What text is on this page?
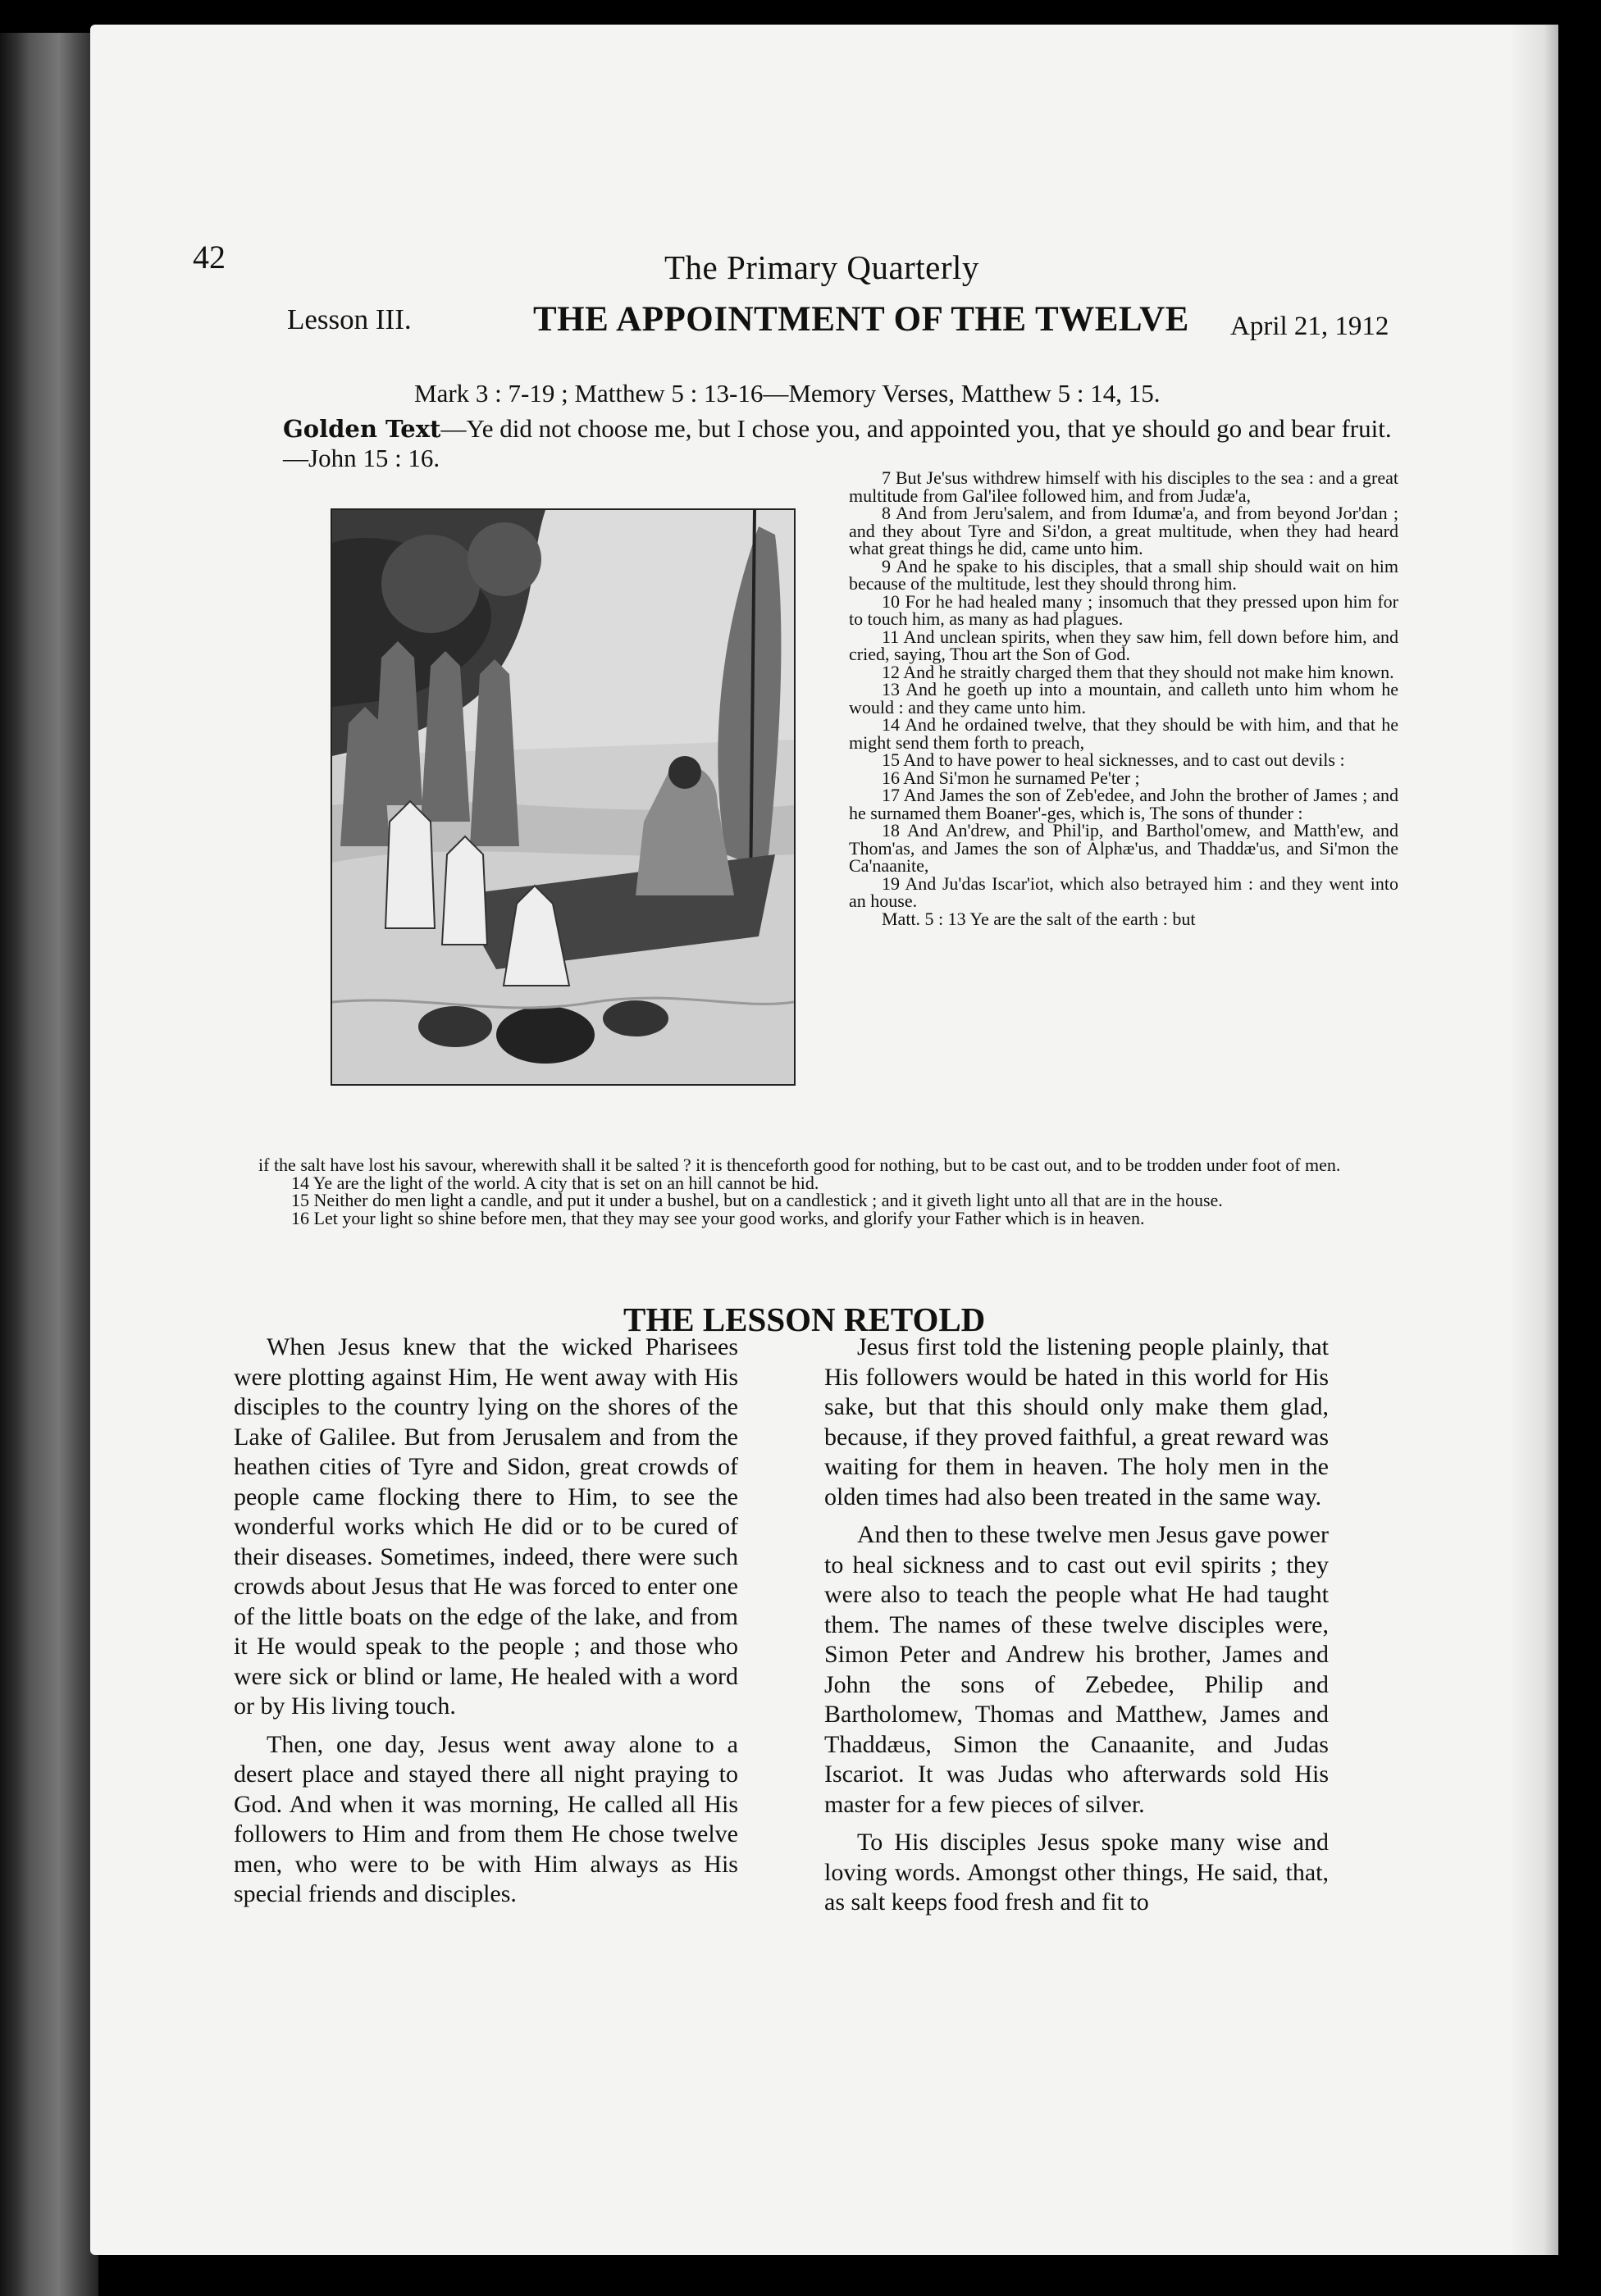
42	The Primary Quarterly
Lesson III.	THE APPOINTMENT OF THE TWELVE April 21, 1912
Mark 3 : 7-19 ; Matthew 5 : 13-16—Memory Verses, Matthew 5 : 14, 15.
Golden Text—Ye did not choose me, but I chose you, and appointed you, that ye should go and bear fruit.—John 15 : 16.

7 But Je'sus withdrew himself with his disciples to the sea : and a great multitude from Gal'ilee followed him, and from Judæ'a,

8 And from Jeru'salem, and from Idumæ'a, and from beyond Jor'dan ; and they about Tyre and Si'don, a great multitude, when they had heard what great things he did, came unto him.

9 And he spake to his disciples, that a small ship should wait on him because of the multitude, lest they should throng him.

10 For he had healed many ; insomuch that they pressed upon him for to touch him, as many as had plagues.

11 And unclean spirits, when they saw him, fell down before him, and cried, saying, Thou art the Son of God.

12 And he straitly charged them that they should not make him known.

13 And he goeth up into a mountain, and calleth unto him whom he would : and they came unto him.

14 And he ordained twelve, that they should be with him, and that he might send them forth to preach,

15 And to have power to heal sicknesses, and to cast out devils :

16 And Si'mon he surnamed Pe'ter ;

17 And James the son of Zeb'edee, and John the brother of James ; and he surnamed them Boaner'-ges, which is, The sons of thunder :

18 And An'drew, and Phil'ip, and Barthol'omew, and Matth'ew, and Thom'as, and James the son of Alphæ'us, and Thaddæ'us, and Si'mon the Ca'naanite,

19 And Ju'das Iscar'iot, which also betrayed him : and they went into an house.

Matt. 5 : 13 Ye are the salt of the earth : but

if the salt have lost his savour, wherewith shall it be salted ? it is thenceforth good for nothing, but to be cast out, and to be trodden under foot of men.

14 Ye are the light of the world. A city that is set on an hill cannot be hid.

15 Neither do men light a candle, and put it under a bushel, but on a candlestick ; and it giveth light unto all that are in the house.

16 Let your light so shine before men, that they may see your good works, and glorify your Father which is in heaven.

THE LESSON RETOLD

When Jesus knew that the wicked Pharisees were plotting against Him, He went away with His disciples to the country lying on the shores of the Lake of Galilee. But from Jerusalem and from the heathen cities of Tyre and Sidon, great crowds of people came flocking there to Him, to see the wonderful works which He did or to be cured of their diseases. Sometimes, indeed, there were such crowds about Jesus that He was forced to enter one of the little boats on the edge of the lake, and from it He would speak to the people ; and those who were sick or blind or lame, He healed with a word or by His living touch.

Then, one day, Jesus went away alone to a desert place and stayed there all night praying to God. And when it was morning, He called all His followers to Him and from them He chose twelve men, who were to be with Him always as His special friends and disciples.

Jesus first told the listening people plainly, that His followers would be hated in this world for His sake, but that this should only make them glad, because, if they proved faithful, a great reward was waiting for them in heaven. The holy men in the olden times had also been treated in the same way.

And then to these twelve men Jesus gave power to heal sickness and to cast out evil spirits ; they were also to teach the people what He had taught them. The names of these twelve disciples were, Simon Peter and Andrew his brother, James and John the sons of Zebedee, Philip and Bartholomew, Thomas and Matthew, James and Thaddæus, Simon the Canaanite, and Judas Iscariot. It was Judas who afterwards sold His master for a few pieces of silver.

To His disciples Jesus spoke many wise and loving words. Amongst other things, He said, that, as salt keeps food fresh and fit to
